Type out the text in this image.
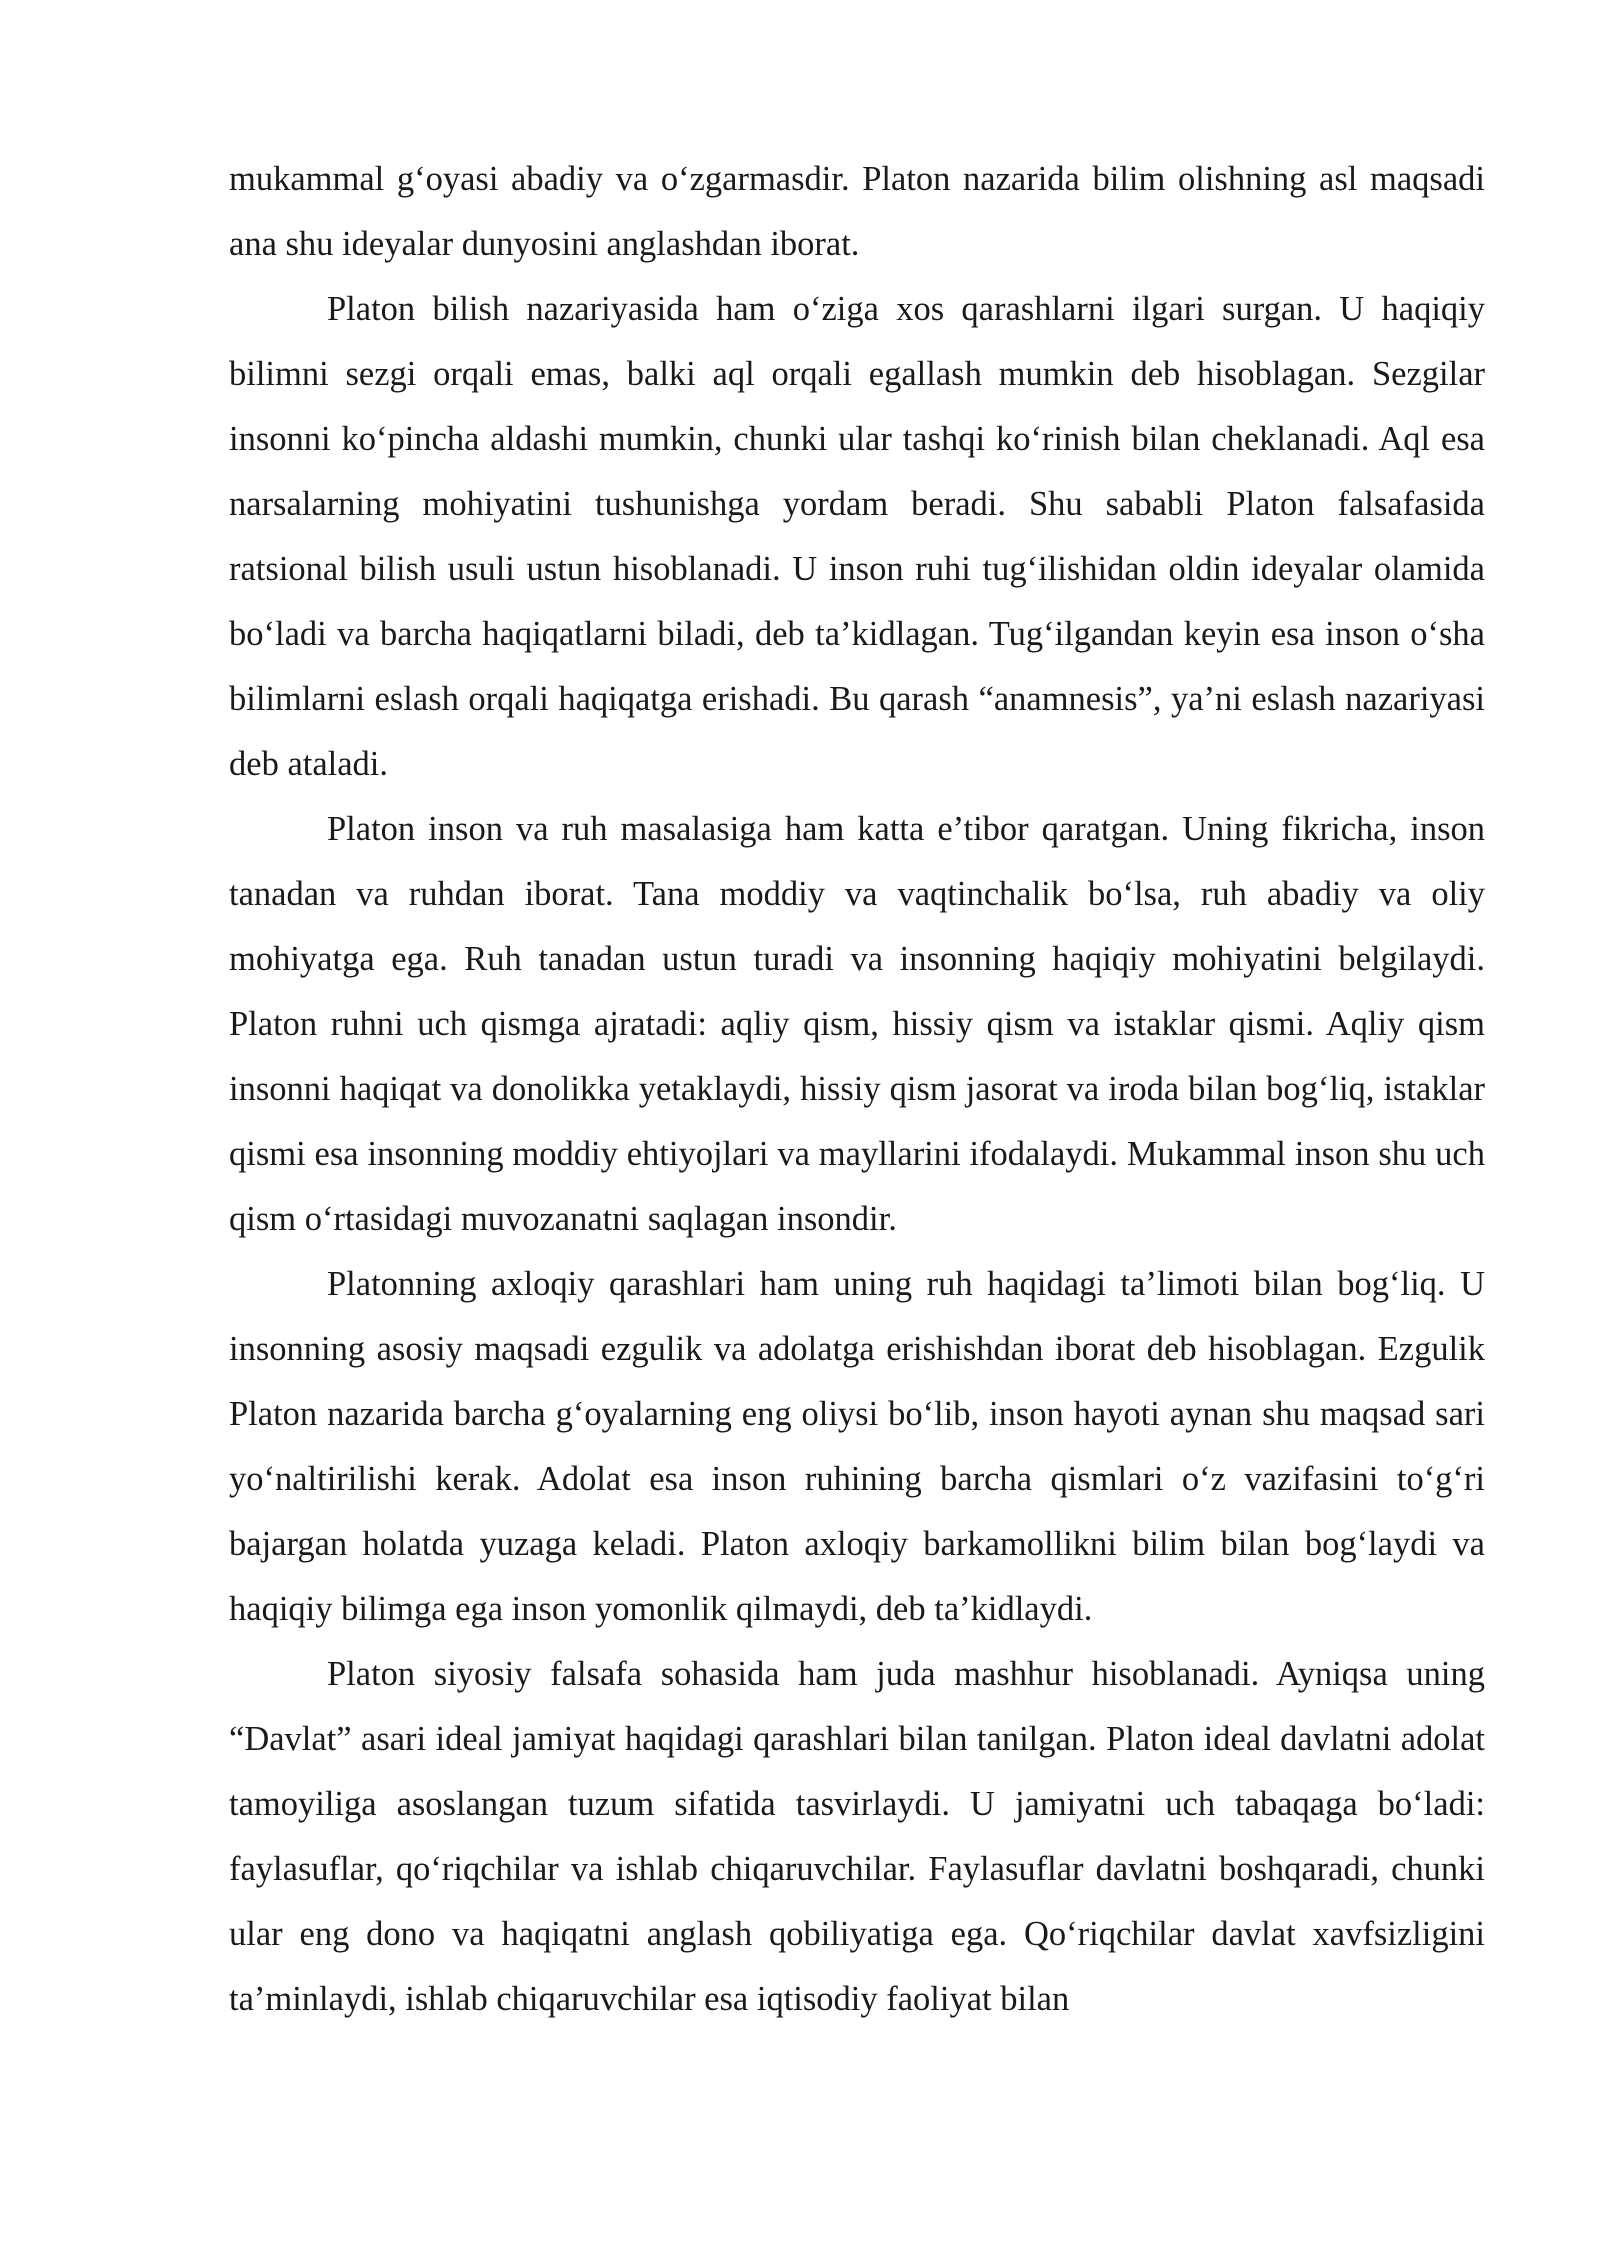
mukammal g‘oyasi abadiy va o‘zgarmasdir. Platon nazarida bilim olishning asl maqsadi ana shu ideyalar dunyosini anglashdan iborat.

Platon bilish nazariyasida ham o‘ziga xos qarashlarni ilgari surgan. U haqiqiy bilimni sezgi orqali emas, balki aql orqali egallash mumkin deb hisoblagan. Sezgilar insonni ko‘pincha aldashi mumkin, chunki ular tashqi ko‘rinish bilan cheklanadi. Aql esa narsalarning mohiyatini tushunishga yordam beradi. Shu sababli Platon falsafasida ratsional bilish usuli ustun hisoblanadi. U inson ruhi tug‘ilishidan oldin ideyalar olamida bo‘ladi va barcha haqiqatlarni biladi, deb ta’kidlagan. Tug‘ilgandan keyin esa inson o‘sha bilimlarni eslash orqali haqiqatga erishadi. Bu qarash “anamnesis”, ya’ni eslash nazariyasi deb ataladi.

Platon inson va ruh masalasiga ham katta e’tibor qaratgan. Uning fikricha, inson tanadan va ruhdan iborat. Tana moddiy va vaqtinchalik bo‘lsa, ruh abadiy va oliy mohiyatga ega. Ruh tanadan ustun turadi va insonning haqiqiy mohiyatini belgilaydi. Platon ruhni uch qismga ajratadi: aqliy qism, hissiy qism va istaklar qismi. Aqliy qism insonni haqiqat va donolikka yetaklaydi, hissiy qism jasorat va iroda bilan bog‘liq, istaklar qismi esa insonning moddiy ehtiyojlari va mayllarini ifodalaydi. Mukammal inson shu uch qism o‘rtasidagi muvozanatni saqlagan insondir.

Platonning axloqiy qarashlari ham uning ruh haqidagi ta’limoti bilan bog‘liq. U insonning asosiy maqsadi ezgulik va adolatga erishishdan iborat deb hisoblagan. Ezgulik Platon nazarida barcha g‘oyalarning eng oliysi bo‘lib, inson hayoti aynan shu maqsad sari yo‘naltirilishi kerak. Adolat esa inson ruhining barcha qismlari o‘z vazifasini to‘g‘ri bajargan holatda yuzaga keladi. Platon axloqiy barkamollikni bilim bilan bog‘laydi va haqiqiy bilimga ega inson yomonlik qilmaydi, deb ta’kidlaydi.

Platon siyosiy falsafa sohasida ham juda mashhur hisoblanadi. Ayniqsa uning “Davlat” asari ideal jamiyat haqidagi qarashlari bilan tanilgan. Platon ideal davlatni adolat tamoyiliga asoslangan tuzum sifatida tasvirlaydi. U jamiyatni uch tabaqaga bo‘ladi: faylasuflar, qo‘riqchilar va ishlab chiqaruvchilar. Faylasuflar davlatni boshqaradi, chunki ular eng dono va haqiqatni anglash qobiliyatiga ega. Qo‘riqchilar davlat xavfsizligini ta’minlaydi, ishlab chiqaruvchilar esa iqtisodiy faoliyat bilan
